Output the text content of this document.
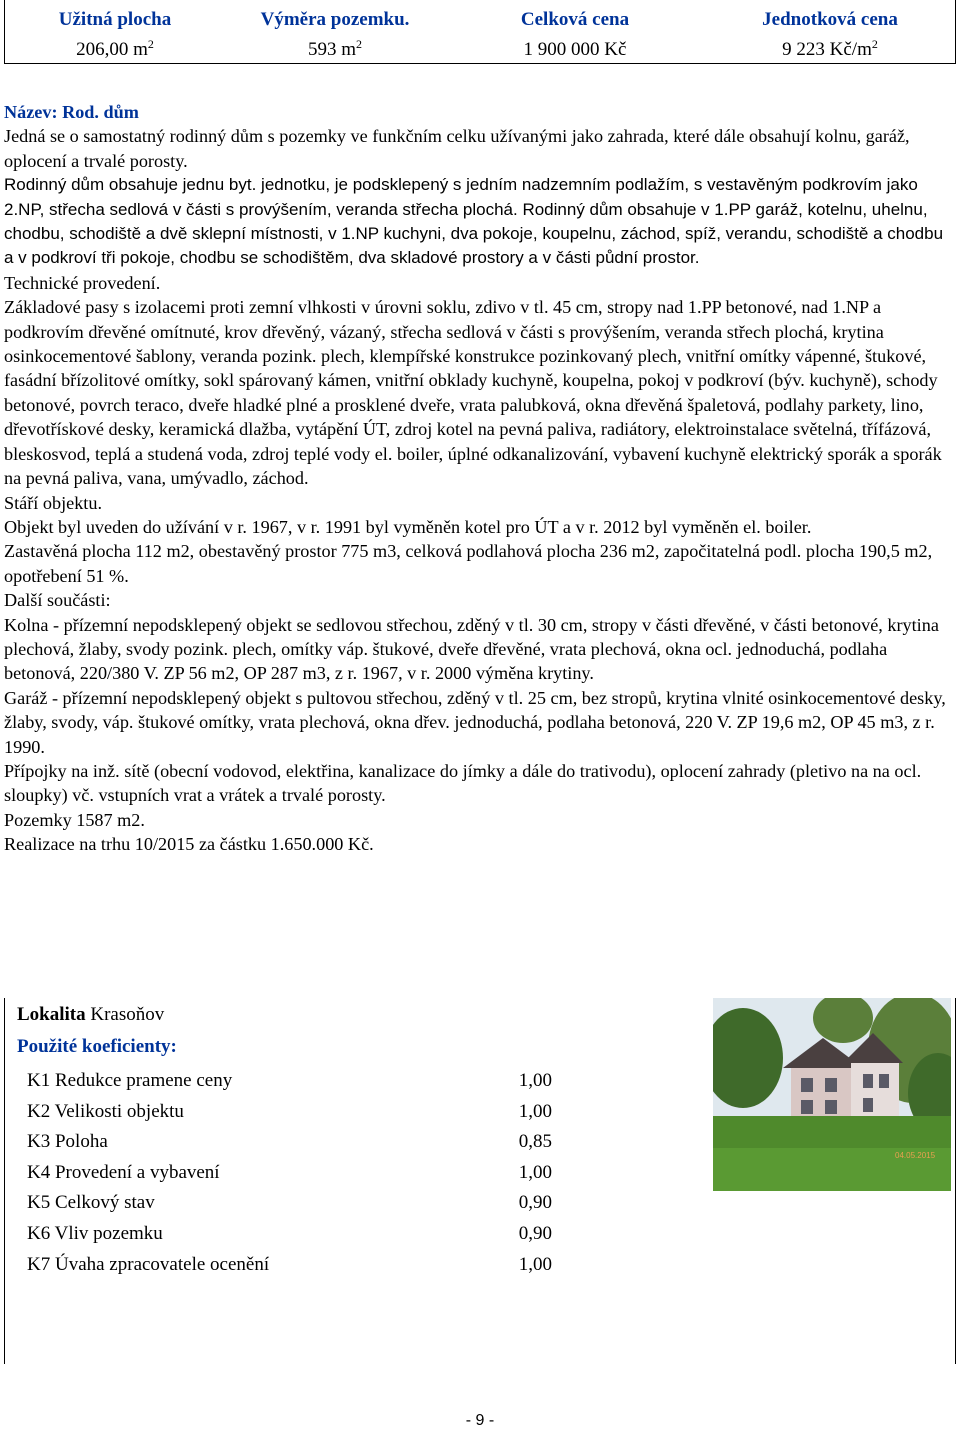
Užitná plocha	Výměra pozemku.	Celková cena	Jednotková cena
206,00 $m^2$	593 $m^2$	1 900 000 Kč	9 223 $Kč/m^2$

Název: Rod. dům

Jedná se o samostatný rodinný dům s pozemky ve funkčním celku užívanými jako zahrada, které dále obsahují kolnu, garáž, oplocení a trvalé porosty.

Rodinný dům obsahuje jednu byt. jednotku, je podsklepený s jedním nadzemním podlažím, s vestavěným podkrovím jako 2.NP, střecha sedlová v části s provýšením, veranda střecha plochá. Rodinný dům obsahuje v 1.PP garáž, kotelnu, uhelnu, chodbu, schodiště a dvě sklepní místnosti, v 1.NP kuchyni, dva pokoje, koupelnu, záchod, spíž, verandu, schodiště a chodbu a v podkroví tři pokoje, chodbu se schodištěm, dva skladové prostory a v části půdní prostor.

Technické provedení.

Základové pasy s izolacemi proti zemní vlhkosti v úrovni soklu, zdivo v tl. 45 cm, stropy nad 1.PP betonové, nad 1.NP a podkrovím dřevěné omítnuté, krov dřevěný, vázaný, střecha sedlová v části s provýšením, veranda střech plochá, krytina osinkocementové šablony, veranda pozink. plech, klempířské konstrukce pozinkovaný plech, vnitřní omítky vápenné, štukové, fasádní břízolitové omítky, sokl spárovaný kámen, vnitřní obklady kuchyně, koupelna, pokoj v podkroví (býv. kuchyně), schody betonové, povrch teraco, dveře hladké plné a prosklené dveře, vrata palubková, okna dřevěná špaletová, podlahy parkety, lino, dřevotřískové desky, keramická dlažba, vytápění ÚT, zdroj kotel na pevná paliva, radiátory, elektroinstalace světelná, třífázová, bleskosvod, teplá a studená voda, zdroj teplé vody el. boiler, úplné odkanalizování, vybavení kuchyně elektrický sporák a sporák na pevná paliva, vana, umývadlo, záchod.

Stáří objektu.

Objekt byl uveden do užívání v r. 1967, v r. 1991 byl vyměněn kotel pro ÚT a v r. 2012 byl vyměněn el. boiler.

Zastavěná plocha 112 m2, obestavěný prostor 775 m3, celková podlahová plocha 236 m2, započitatelná podl. plocha 190,5 m2, opotřebení 51 %.

Další součásti:

Kolna - přízemní nepodsklepený objekt se sedlovou střechou, zděný v tl. 30 cm, stropy v části dřevěné, v části betonové, krytina plechová, žlaby, svody pozink. plech, omítky váp. štukové, dveře dřevěné, vrata plechová, okna ocl. jednoduchá, podlaha betonová, 220/380 V. ZP 56 m2, OP 287 m3, z r. 1967, v r. 2000 výměna krytiny.

Garáž - přízemní nepodsklepený objekt s pultovou střechou, zděný v tl. 25 cm, bez stropů, krytina vlnité osinkocementové desky, žlaby, svody, váp. štukové omítky, vrata plechová, okna dřev. jednoduchá, podlaha betonová, 220 V. ZP 19,6 m2, OP 45 m3, z r. 1990.

Přípojky na inž. sítě (obecní vodovod, elektřina, kanalizace do jímky a dále do trativodu), oplocení zahrady (pletivo na na ocl. sloupky) vč. vstupních vrat a vrátek a trvalé porosty.

Pozemky 1587 m2.

Realizace na trhu 10/2015 za částku 1.650.000 Kč.

Lokalita Krasoňov
Použité koeficienty:
K1 Redukce pramene ceny	1,00
K2 Velikosti objektu	1,00
K3 Poloha	0,85
K4 Provedení a vybavení	1,00
K5 Celkový stav	0,90
K6 Vliv pozemku	0,90
K7 Úvaha zpracovatele ocenění	1,00
04.05.2015
- 9 -
